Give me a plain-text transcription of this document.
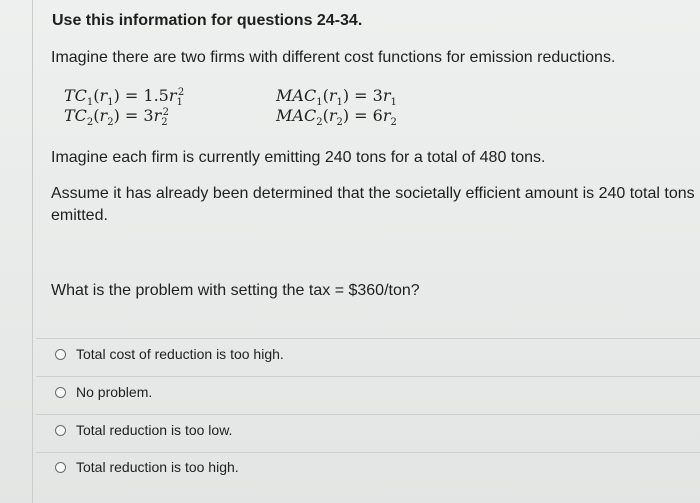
Use this information for questions 24-34.
Imagine there are two firms with different cost functions for emission reductions.
$TC_1(r_1) = 1.5r_1^2$
$TC_2(r_2) = 3r_2^2$
$MAC_1(r_1) = 3r_1$
$MAC_2(r_2) = 6r_2$
Imagine each firm is currently emitting 240 tons for a total of 480 tons.
Assume it has already been determined that the societally efficient amount is 240 total tons
emitted.
What is the problem with setting the tax = $360/ton?
Total cost of reduction is too high.
No problem.
Total reduction is too low.
Total reduction is too high.
